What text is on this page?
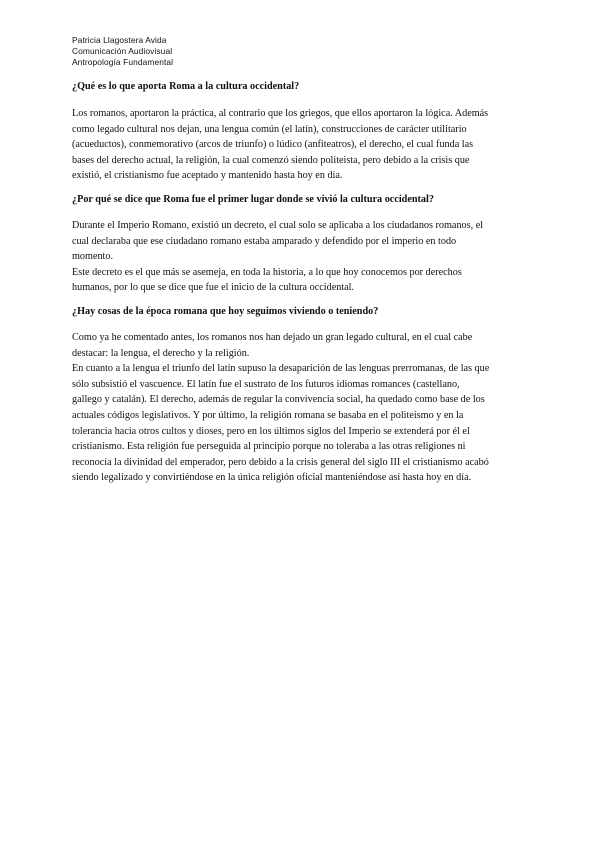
Patricia Llagostera Avida
Comunicación Audiovisual
Antropología Fundamental

¿Qué es lo que aporta Roma a la cultura occidental?

Los romanos, aportaron la práctica, al contrario que los griegos, que ellos aportaron la lógica. Además
como legado cultural nos dejan, una lengua común (el latín), construcciones de carácter utilitario
(acueductos), conmemorativo (arcos de triunfo) o lúdico (anfiteatros), el derecho, el cual funda las
bases del derecho actual, la religión, la cual comenzó siendo politeista, pero debido a la crisis que
existió, el cristianismo fue aceptado y mantenido hasta hoy en día.

¿Por qué se dice que Roma fue el primer lugar donde se vivió la cultura occidental?

Durante el Imperio Romano, existió un decreto, el cual solo se aplicaba a los ciudadanos romanos, el
cual declaraba que ese ciudadano romano estaba amparado y defendido por el imperio en todo
momento.
Este decreto es el que más se asemeja, en toda la historia, a lo que hoy conocemos por derechos
humanos, por lo que se dice que fue el inicio de la cultura occidental.

¿Hay cosas de la época romana que hoy seguimos viviendo o teniendo?

Como ya he comentado antes, los romanos nos han dejado un gran legado cultural, en el cual cabe
destacar: la lengua, el derecho y la religión.
En cuanto a la lengua el triunfo del latín supuso la desaparición de las lenguas prerromanas, de las que
sólo subsistió el vascuence. El latín fue el sustrato de los futuros idiomas romances (castellano,
gallego y catalán). El derecho, además de regular la convivencia social, ha quedado como base de los
actuales códigos legislativos. Y por último, la religión romana se basaba en el politeismo y en la
tolerancia hacia otros cultos y dioses, pero en los últimos siglos del Imperio se extenderá por él el
cristianismo. Esta religión fue perseguida al principio porque no toleraba a las otras religiones ni
reconocía la divinidad del emperador, pero debido a la crisis general del siglo III el cristianismo acabó
siendo legalizado y convirtiéndose en la única religión oficial manteniéndose así hasta hoy en día.
